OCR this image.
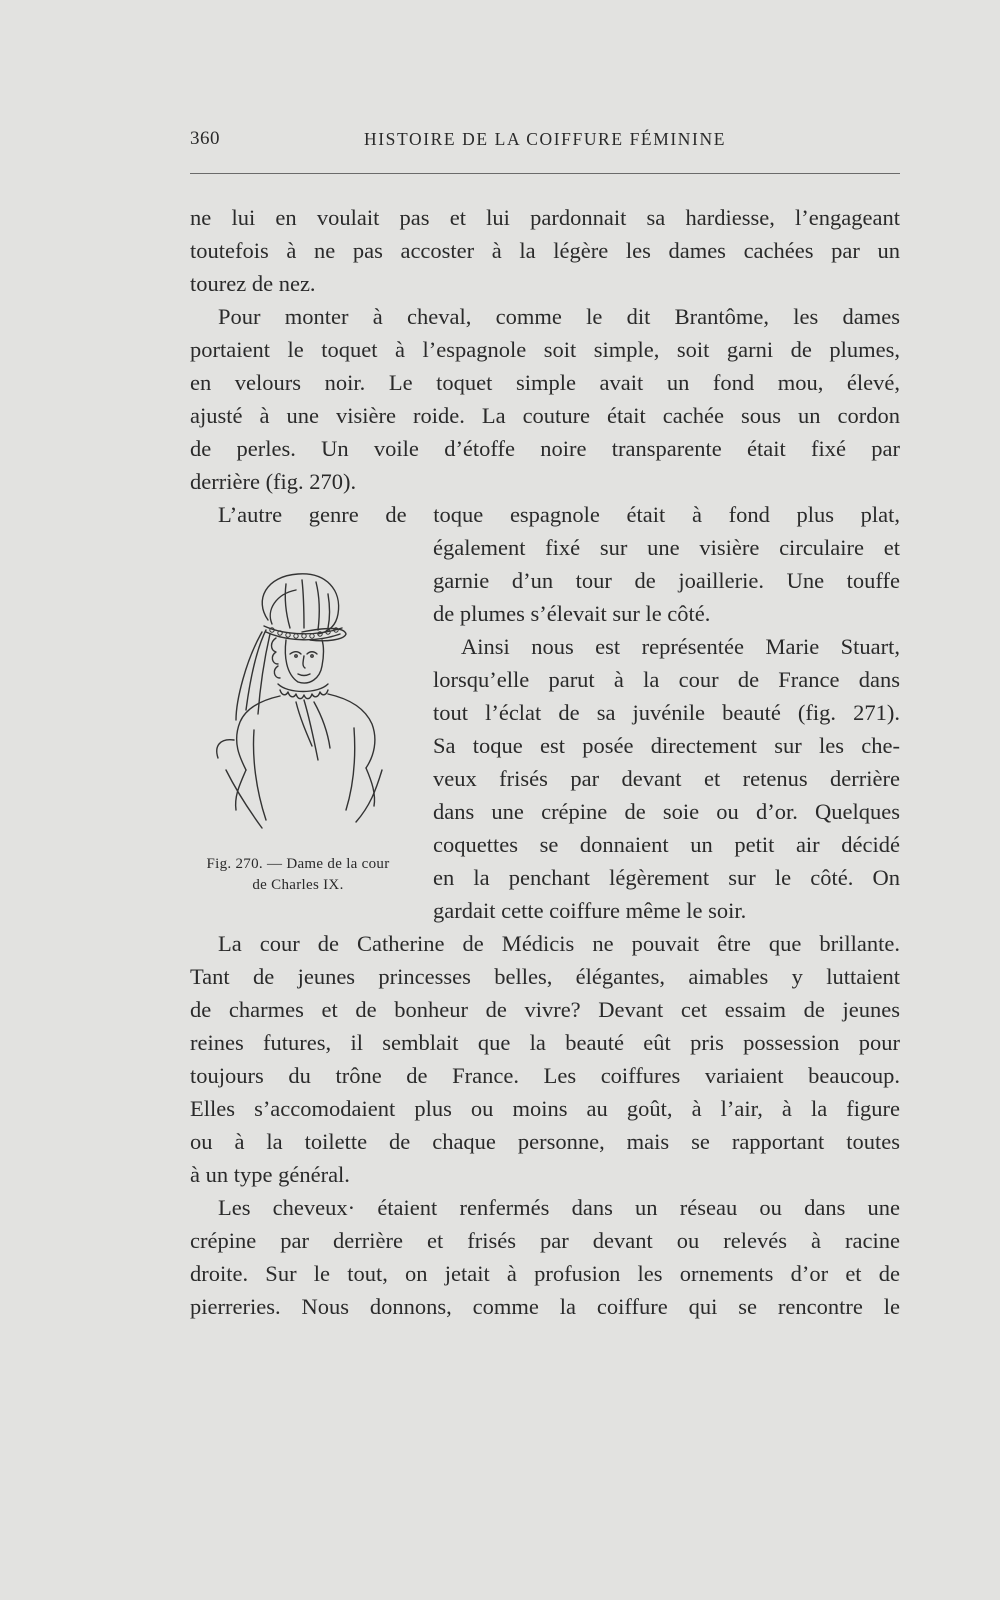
360	HISTOIRE DE LA COIFFURE FÉMININE

ne lui en voulait pas et lui pardonnait sa hardiesse, l’engageant

toutefois à ne pas accoster à la légère les dames cachées par un

tourez de nez.

Pour monter à cheval, comme le dit Brantôme, les dames

portaient le toquet à l’espagnole soit simple, soit garni de plumes,

en velours noir. Le toquet simple avait un fond mou, élevé,

ajusté à une visière roide. La couture était cachée sous un cordon

de perles. Un voile d’étoffe noire transparente était fixé par

derrière (fig. 270).

L’autre genre de toque espagnole était à fond plus plat,

également fixé sur une visière circulaire et

garnie d’un tour de joaillerie. Une touffe

de plumes s’élevait sur le côté.

Ainsi nous est représentée Marie Stuart,

lorsqu’elle parut à la cour de France dans

tout l’éclat de sa juvénile beauté (fig. 271).

Sa toque est posée directement sur les che-

veux frisés par devant et retenus derrière

dans une crépine de soie ou d’or. Quelques

coquettes se donnaient un petit air décidé

en la penchant légèrement sur le côté. On

gardait cette coiffure même le soir.

Fig. 270. — Dame de la cour
de Charles IX.

La cour de Catherine de Médicis ne pouvait être que brillante.

Tant de jeunes princesses belles, élégantes, aimables y luttaient

de charmes et de bonheur de vivre? Devant cet essaim de jeunes

reines futures, il semblait que la beauté eût pris possession pour

toujours du trône de France. Les coiffures variaient beaucoup.

Elles s’accomodaient plus ou moins au goût, à l’air, à la figure

ou à la toilette de chaque personne, mais se rapportant toutes

à un type général.

Les cheveux· étaient renfermés dans un réseau ou dans une

crépine par derrière et frisés par devant ou relevés à racine

droite. Sur le tout, on jetait à profusion les ornements d’or et de

pierreries. Nous donnons, comme la coiffure qui se rencontre le
